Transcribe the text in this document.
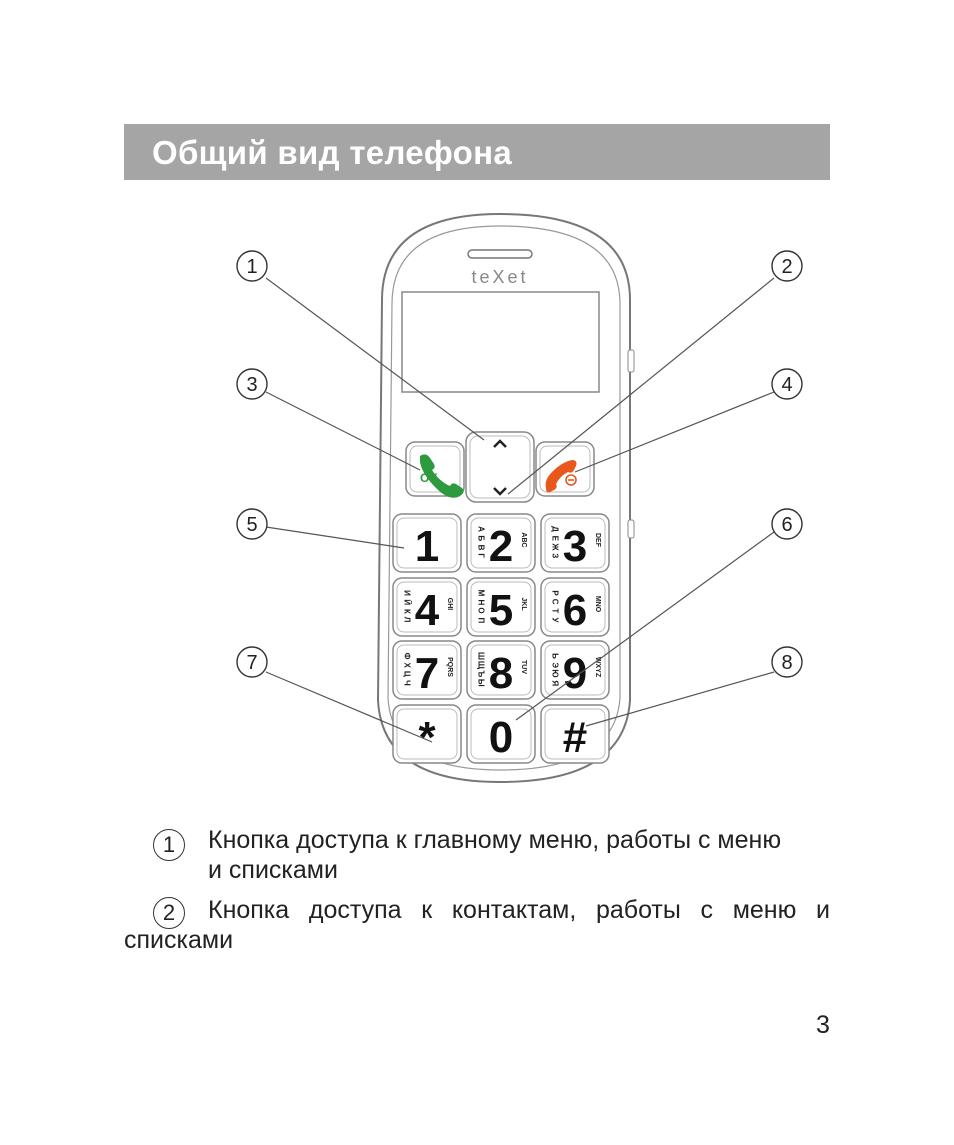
Общий вид телефона
teXet
OK
1 2
А Б В Г
ABC 3
Д Е Ж З
DEF
4
И Й К Л
GHI 5
М Н О П
JKL 6
Р С Т У
MNO
7
Ф Х Ц Ч
PQRS 8
Ш Щ Ъ Ы
TUV 9
Ь Э Ю Я
WXYZ
* 0 #
1	2
3	4
5	6
7	8
1	Кнопка доступа к главному меню, работы с меню
и списками
2	Кнопка доступа к контактам, работы с меню и
списками
3
